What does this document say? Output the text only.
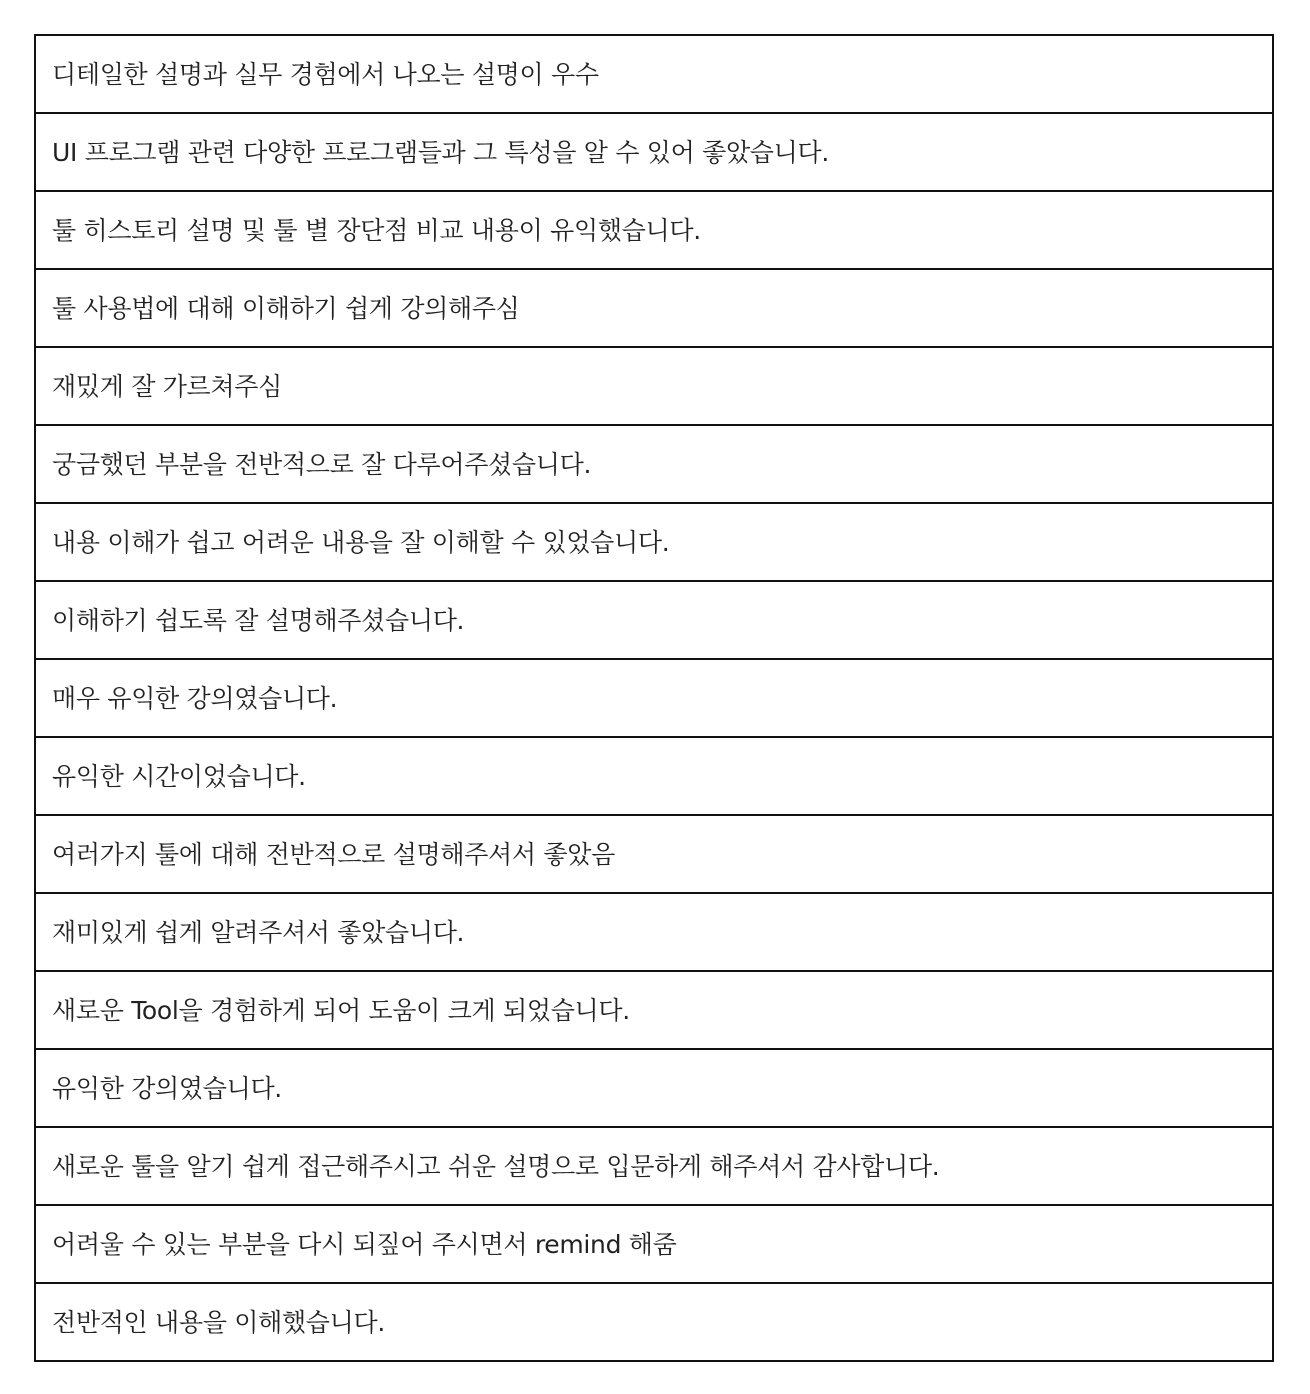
디테일한 설명과 실무 경험에서 나오는 설명이 우수
UI 프로그램 관련 다양한 프로그램들과 그 특성을 알 수 있어 좋았습니다.
툴 히스토리 설명 및 툴 별 장단점 비교 내용이 유익했습니다.
툴 사용법에 대해 이해하기 쉽게 강의해주심
재밌게 잘 가르쳐주심
궁금했던 부분을 전반적으로 잘 다루어주셨습니다.
내용 이해가 쉽고 어려운 내용을 잘 이해할 수 있었습니다.
이해하기 쉽도록 잘 설명해주셨습니다.
매우 유익한 강의였습니다.
유익한 시간이었습니다.
여러가지 툴에 대해 전반적으로 설명해주셔서 좋았음
재미있게 쉽게 알려주셔서 좋았습니다.
새로운 Tool을 경험하게 되어 도움이 크게 되었습니다.
유익한 강의였습니다.
새로운 툴을 알기 쉽게 접근해주시고 쉬운 설명으로 입문하게 해주셔서 감사합니다.
어려울 수 있는 부분을 다시 되짚어 주시면서 remind 해줌
전반적인 내용을 이해했습니다.
